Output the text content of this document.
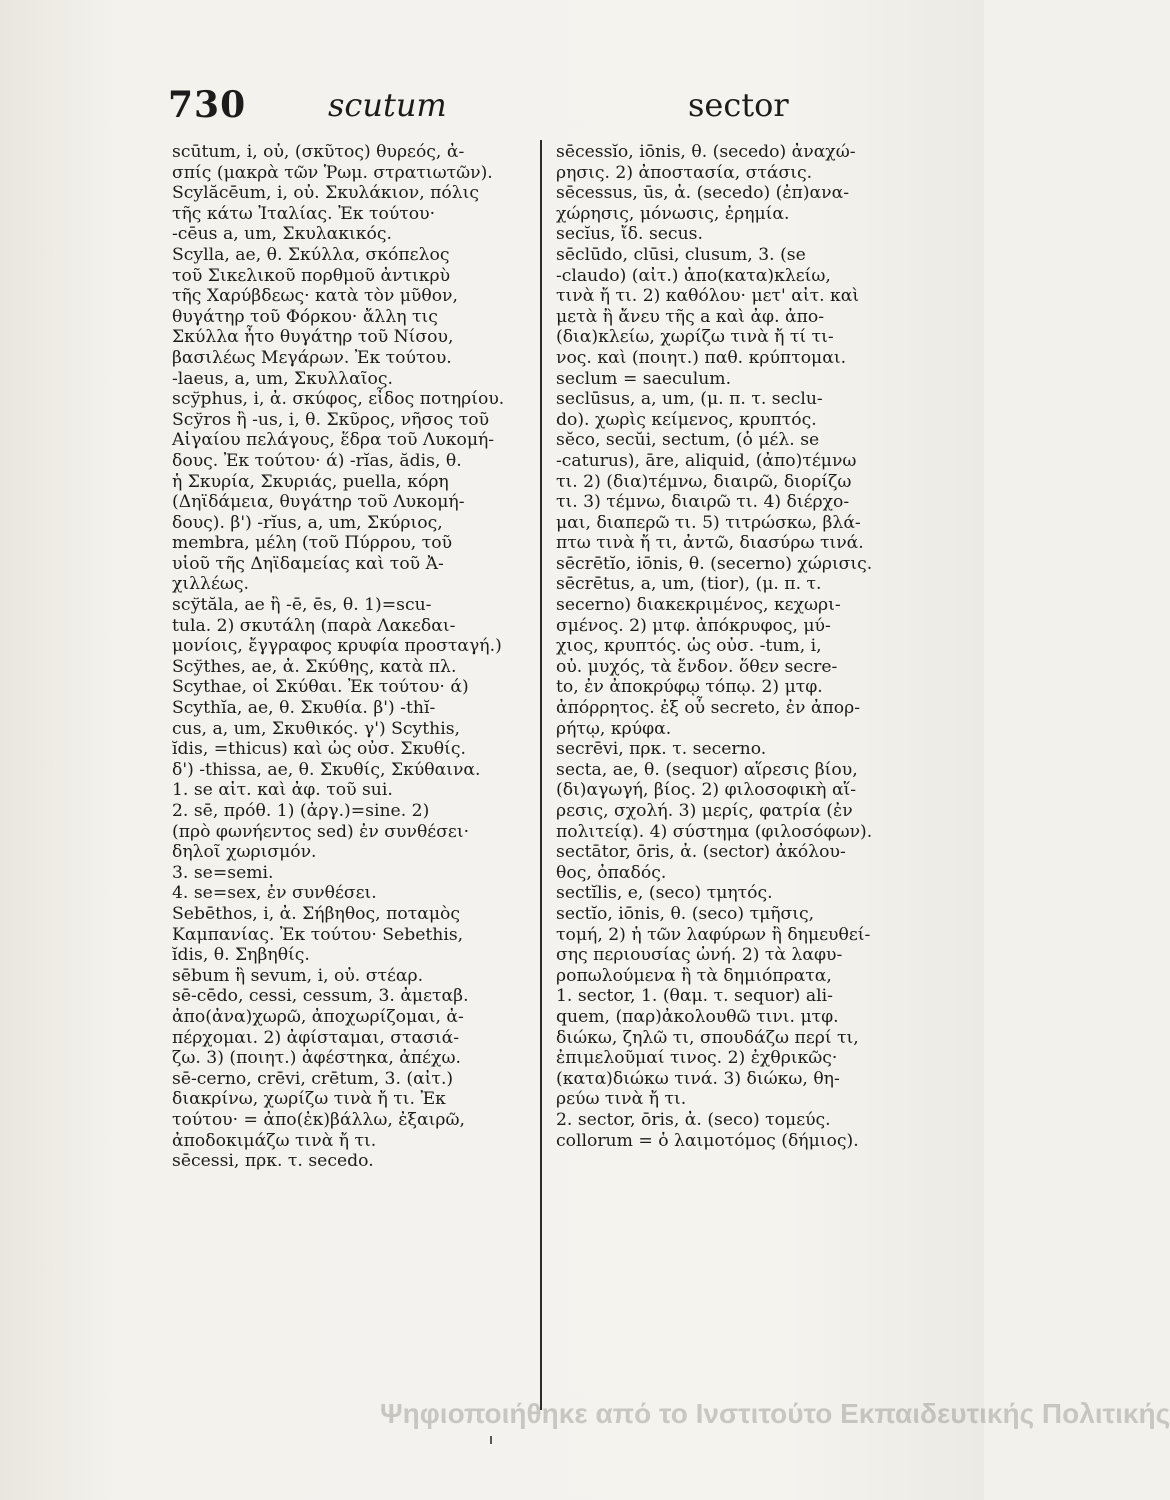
730	scutum	sector
scūtum, i, οὐ, (σκῦτος) θυρεός, ἀ-
σπίς (μακρὰ τῶν Ῥωμ. στρατιωτῶν).
Scylăcēum, i, οὐ. Σκυλάκιον, πόλις
τῆς κάτω Ἰταλίας. Ἐκ τούτου·
-cēus a, um, Σκυλακικός.
Scylla, ae, θ. Σκύλλα, σκόπελος
τοῦ Σικελικοῦ πορθμοῦ ἀντικρὺ
τῆς Χαρύβδεως· κατὰ τὸν μῦθον,
θυγάτηρ τοῦ Φόρκου· ἄλλη τις
Σκύλλα ἦτο θυγάτηρ τοῦ Νίσου,
βασιλέως Μεγάρων. Ἐκ τούτου.
-laeus, a, um, Σκυλλαῖος.
scўphus, i, ἀ. σκύφος, εἶδος ποτηρίου.
Scўros ἢ -us, i, θ. Σκῦρος, νῆσος τοῦ
Αἰγαίου πελάγους, ἕδρα τοῦ Λυκομή-
δους. Ἐκ τούτου· ά) -rĭas, ădis, θ.
ἡ Σκυρία, Σκυριάς, puella, κόρη
(Δηϊδάμεια, θυγάτηρ τοῦ Λυκομή-
δους). β') -rĭus, a, um, Σκύριος,
membra, μέλη (τοῦ Πύρρου, τοῦ
υἱοῦ τῆς Δηϊδαμείας καὶ τοῦ Ἀ-
χιλλέως.
scўtăla, ae ἢ -ē, ēs, θ. 1)=scu-
tula. 2) σκυτάλη (παρὰ Λακεδαι-
μονίοις, ἔγγραφος κρυφία προσταγή.)
Scўthes, ae, ἀ. Σκύθης, κατὰ πλ.
Scythae, οἱ Σκύθαι. Ἐκ τούτου· ά)
Scythĭa, ae, θ. Σκυθία. β') -thĭ-
cus, a, um, Σκυθικός. γ') Scythis,
ĭdis, =thicus) καὶ ὡς οὐσ. Σκυθίς.
δ') -thissa, ae, θ. Σκυθίς, Σκύθαινα.
1. se αἰτ. καὶ ἀφ. τοῦ sui.
2. sē, πρόθ. 1) (ἀργ.)=sine. 2)
(πρὸ φωνήεντος sed) ἐν συνθέσει·
δηλοῖ χωρισμόν.
3. se=semi.
4. se=sex, ἐν συνθέσει.
Sebēthos, i, ἀ. Σήβηθος, ποταμὸς
Καμπανίας. Ἐκ τούτου· Sebethis,
ĭdis, θ. Σηβηθίς.
sēbum ἢ sevum, i, οὐ. στέαρ.
sē-cēdo, cessi, cessum, 3. ἀμεταβ.
ἀπο(ἀνα)χωρῶ, ἀποχωρίζομαι, ἀ-
πέρχομαι. 2) ἀφίσταμαι, στασιά-
ζω. 3) (ποιητ.) ἀφέστηκα, ἀπέχω.
sē-cerno, crēvi, crētum, 3. (αἰτ.)
διακρίνω, χωρίζω τινὰ ἤ τι. Ἐκ
τούτου· = ἀπο(ἐκ)βάλλω, ἐξαιρῶ,
ἀποδοκιμάζω τινὰ ἤ τι.
sēcessi, πρκ. τ. secedo.
sēcessĭo, iōnis, θ. (secedo) ἀναχώ-
ρησις. 2) ἀποστασία, στάσις.
sēcessus, ūs, ἀ. (secedo) (ἐπ)ανα-
χώρησις, μόνωσις, ἐρημία.
secĭus, ἴδ. secus.
sēclūdo, clūsi, clusum, 3. (se
-claudo) (αἰτ.) ἀπο(κατα)κλείω,
τινὰ ἤ τι. 2) καθόλου· μετ' αἰτ. καὶ
μετὰ ἢ ἄνευ τῆς a καὶ ἀφ. ἀπο-
(δια)κλείω, χωρίζω τινὰ ἤ τί τι-
νος. καὶ (ποιητ.) παθ. κρύπτομαι.
seclum = saeculum.
seclūsus, a, um, (μ. π. τ. seclu-
do). χωρὶς κείμενος, κρυπτός.
sĕco, secŭi, sectum, (ὁ μέλ. se
-caturus), āre, aliquid, (ἀπο)τέμνω
τι. 2) (δια)τέμνω, διαιρῶ, διορίζω
τι. 3) τέμνω, διαιρῶ τι. 4) διέρχο-
μαι, διαπερῶ τι. 5) τιτρώσκω, βλά-
πτω τινὰ ἤ τι, ἀντῶ, διασύρω τινά.
sēcrētĭo, iōnis, θ. (secerno) χώρισις.
sēcrētus, a, um, (tior), (μ. π. τ.
secerno) διακεκριμένος, κεχωρι-
σμένος. 2) μτφ. ἀπόκρυφος, μύ-
χιος, κρυπτός. ὡς οὐσ. -tum, i,
οὐ. μυχός, τὰ ἔνδον. ὅθεν secre-
to, ἐν ἀποκρύφῳ τόπῳ. 2) μτφ.
ἀπόρρητος. ἐξ οὗ secreto, ἐν ἀπορ-
ρήτῳ, κρύφα.
secrēvi, πρκ. τ. secerno.
secta, ae, θ. (sequor) αἵρεσις βίου,
(δι)αγωγή, βίος. 2) φιλοσοφικὴ αἵ-
ρεσις, σχολή. 3) μερίς, φατρία (ἐν
πολιτείᾳ). 4) σύστημα (φιλοσόφων).
sectātor, ōris, ἀ. (sector) ἀκόλου-
θος, ὀπαδός.
sectĭlis, e, (seco) τμητός.
sectĭo, iōnis, θ. (seco) τμῆσις,
τομή, 2) ἡ τῶν λαφύρων ἢ δημευθεί-
σης περιουσίας ὠνή. 2) τὰ λαφυ-
ροπωλούμενα ἢ τὰ δημιόπρατα,
1. sector, 1. (θαμ. τ. sequor) ali-
quem, (παρ)ἀκολουθῶ τινι. μτφ.
διώκω, ζηλῶ τι, σπουδάζω περί τι,
ἐπιμελοῦμαί τινος. 2) ἐχθρικῶς·
(κατα)διώκω τινά. 3) διώκω, θη-
ρεύω τινὰ ἤ τι.
2. sector, ōris, ἀ. (seco) τομεύς.
collorum = ὁ λαιμοτόμος (δήμιος).
Ψηφιοποιήθηκε από το Ινστιτούτο Εκπαιδευτικής Πολιτικής
